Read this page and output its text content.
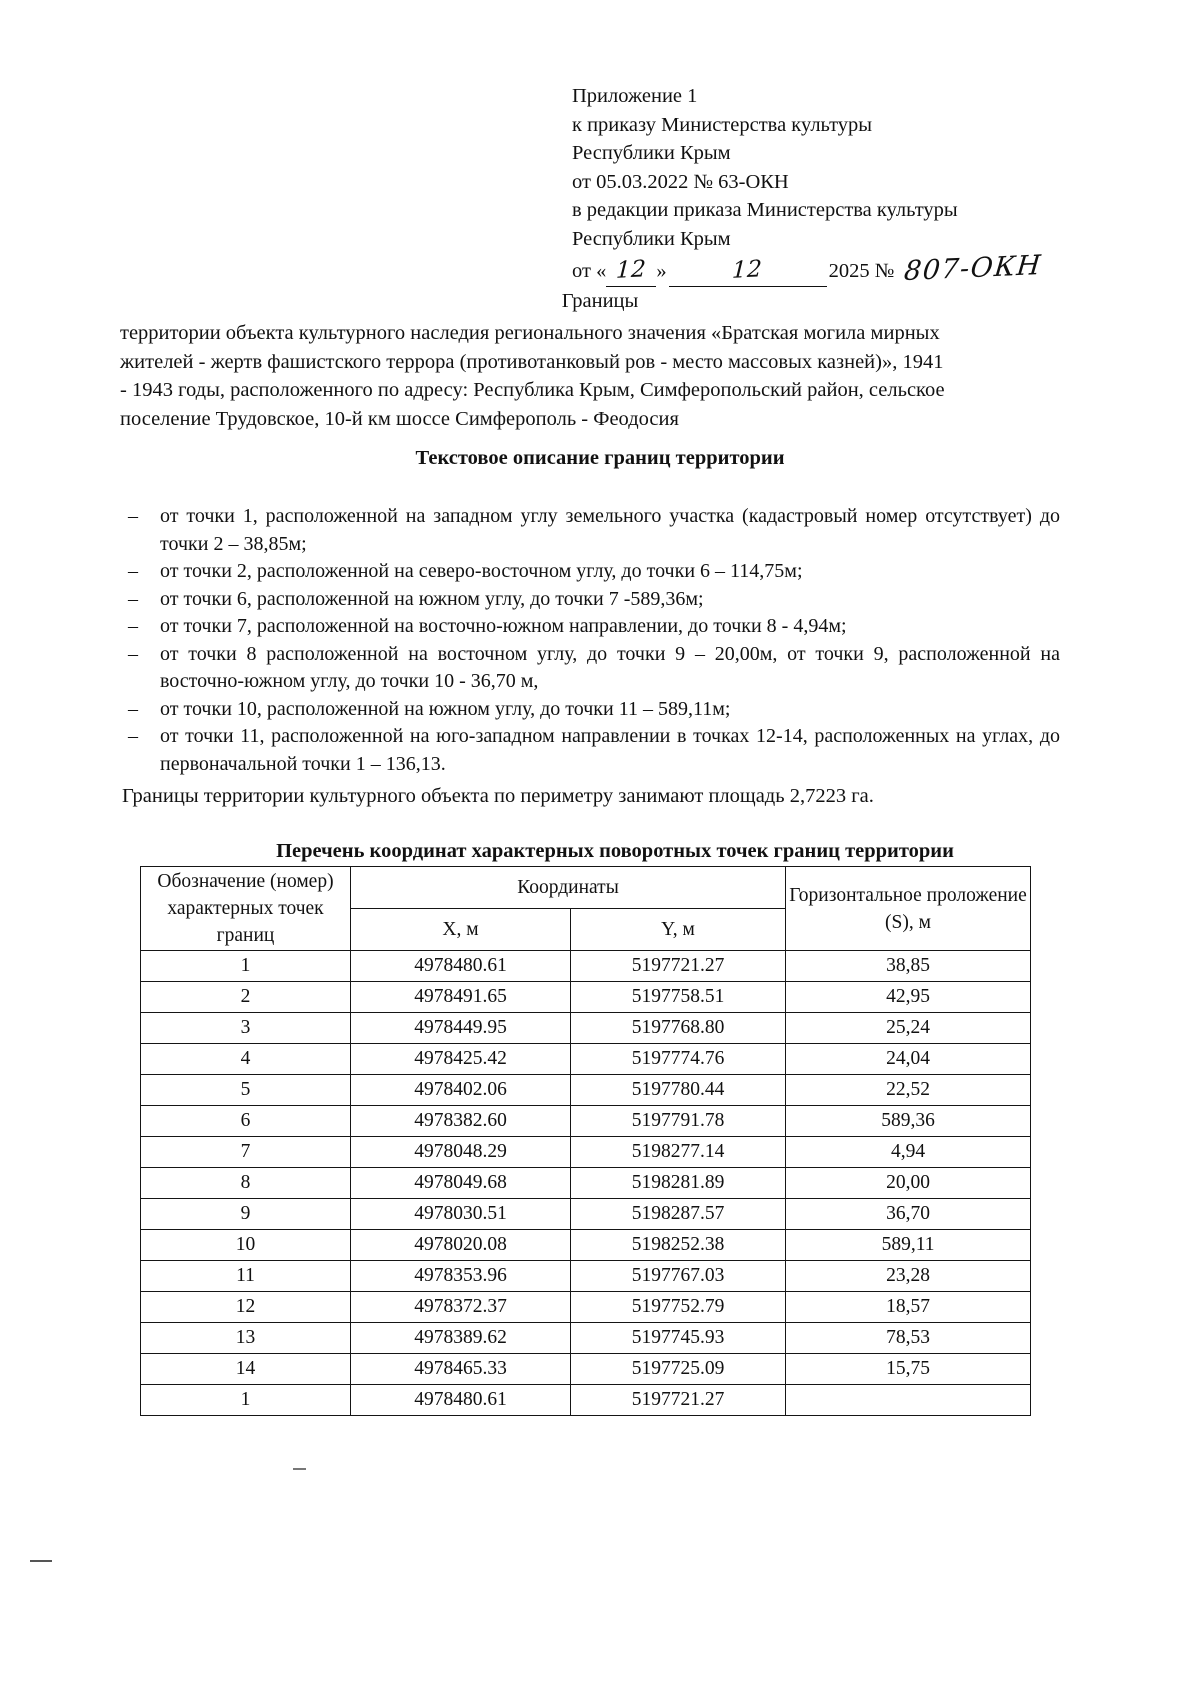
Приложение 1
к приказу Министерства культуры
Республики Крым
от 05.03.2022 № 63-ОКН
в редакции приказа Министерства культуры
Республики Крым
от « 12 »	12	2025
№ 807-ОКН
Границы

территории объекта культурного наследия регионального значения «Братская могила мирных

жителей - жертв фашистского террора (противотанковый ров - место массовых казней)», 1941

- 1943 годы, расположенного по адресу: Республика Крым, Симферопольский район, сельское

поселение Трудовское, 10-й км шоссе Симферополь - Феодосия

Текстовое описание границ территории
–	от точки 1, расположенной на западном углу земельного участка (кадастровый номер отсутствует) до точки 2 – 38,85м;
–	от точки 2, расположенной на северо-восточном углу, до точки 6 – 114,75м;
–	от точки 6, расположенной на южном углу, до точки 7 -589,36м;
–	от точки 7, расположенной на восточно-южном направлении, до точки 8 - 4,94м;
–	от точки 8 расположенной на восточном углу, до точки 9 – 20,00м, от точки 9, расположенной на восточно-южном углу, до точки 10 - 36,70 м,
–	от точки 10, расположенной на южном углу, до точки 11 – 589,11м;
–	от точки 11, расположенной на юго-западном направлении в точках 12-14, расположенных на углах, до первоначальной точки 1 – 136,13.
Границы территории культурного объекта по периметру занимают площадь 2,7223 га.
Перечень координат характерных поворотных точек границ территории
Обозначение (номер) характерных точек границ	Координаты		Горизонтальное проложение (S), м

	X, м	Y, м	
1	4978480.61	5197721.27	38,85
2	4978491.65	5197758.51	42,95
3	4978449.95	5197768.80	25,24
4	4978425.42	5197774.76	24,04
5	4978402.06	5197780.44	22,52
6	4978382.60	5197791.78	589,36
7	4978048.29	5198277.14	4,94
8	4978049.68	5198281.89	20,00
9	4978030.51	5198287.57	36,70
10	4978020.08	5198252.38	589,11
11	4978353.96	5197767.03	23,28
12	4978372.37	5197752.79	18,57
13	4978389.62	5197745.93	78,53
14	4978465.33	5197725.09	15,75
1	4978480.61	5197721.27	
